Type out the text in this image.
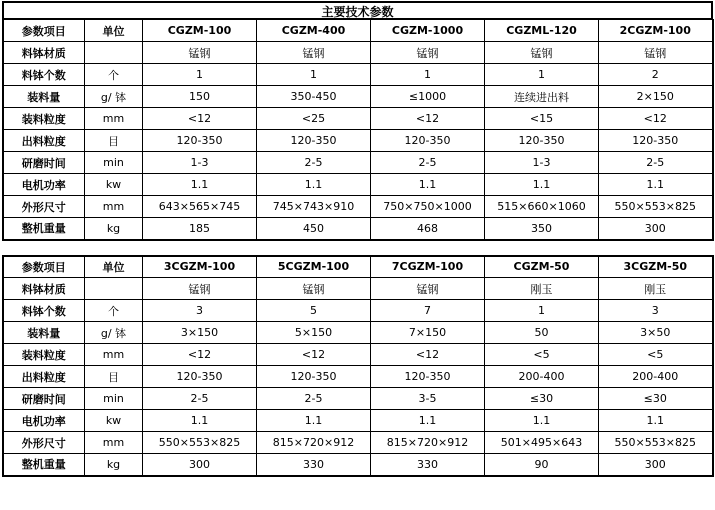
主要技术参数
参数项目	单位	CGZM-100	CGZM-400	CGZM-1000	CGZML-120	2CGZM-100
料钵材质		锰钢	锰钢	锰钢	锰钢	锰钢
料钵个数	个	1	1	1	1	2
装料量	g/ 钵	150	350-450	≤1000	连续进出料	2×150
装料粒度	mm	<12	<25	<12	<15	<12
出料粒度	目	120-350	120-350	120-350	120-350	120-350
研磨时间	min	1-3	2-5	2-5	1-3	2-5
电机功率	kw	1.1	1.1	1.1	1.1	1.1
外形尺寸	mm	643×565×745	745×743×910	750×750×1000	515×660×1060	550×553×825
整机重量	kg	185	450	468	350	300
参数项目	单位	3CGZM-100	5CGZM-100	7CGZM-100	CGZM-50	3CGZM-50
料钵材质		锰钢	锰钢	锰钢	刚玉	刚玉
料钵个数	个	3	5	7	1	3
装料量	g/ 钵	3×150	5×150	7×150	50	3×50
装料粒度	mm	<12	<12	<12	<5	<5
出料粒度	目	120-350	120-350	120-350	200-400	200-400
研磨时间	min	2-5	2-5	3-5	≤30	≤30
电机功率	kw	1.1	1.1	1.1	1.1	1.1
外形尺寸	mm	550×553×825	815×720×912	815×720×912	501×495×643	550×553×825
整机重量	kg	300	330	330	90	300
